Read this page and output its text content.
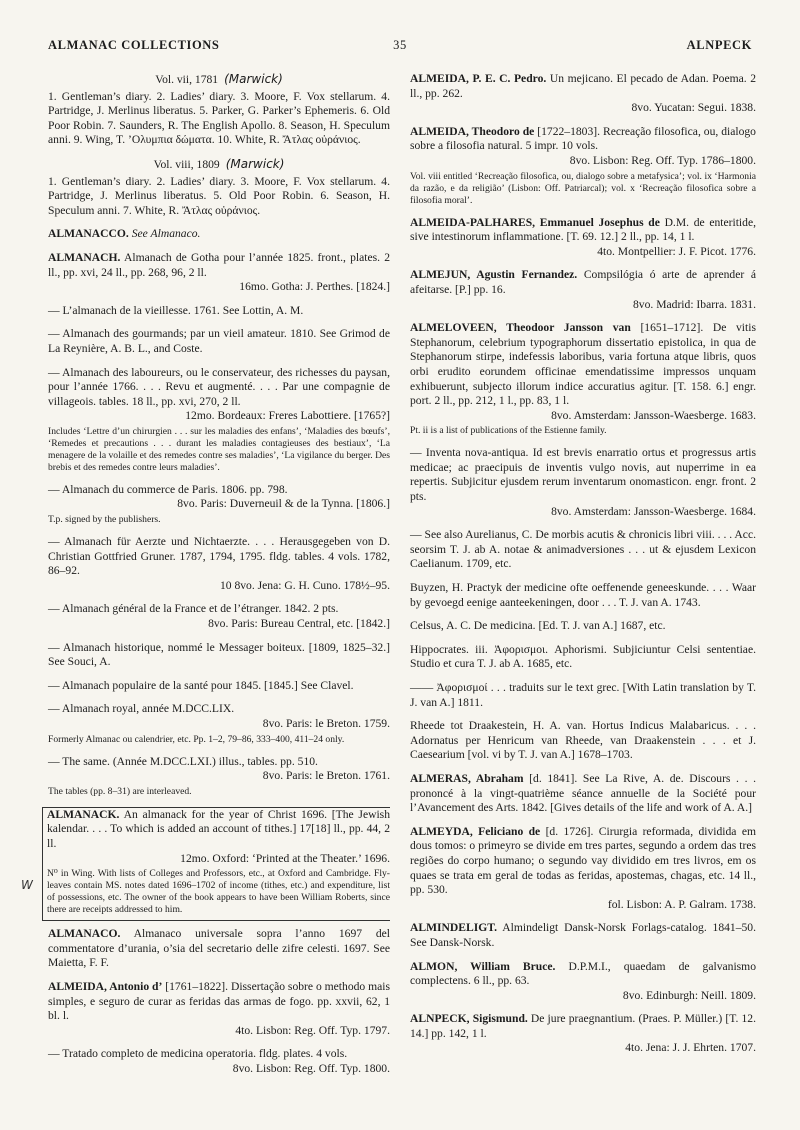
ALMANAC COLLECTIONS	35	ALNPECK
Vol. vii, 1781 (Marwick)
1. Gentleman’s diary. 2. Ladies’ diary. 3. Moore, F. Vox stellarum. 4. Partridge, J. Merlinus liberatus. 5. Parker, G. Parker’s Ephemeris. 6. Old Poor Robin. 7. Saunders, R. The English Apollo. 8. Season, H. Speculum anni. 9. Wing, T. ’Ολυμπια δώματα. 10. White, R. Ἄτλας οὐράνιος.
Vol. viii, 1809 (Marwick)
1. Gentleman’s diary. 2. Ladies’ diary. 3. Moore, F. Vox stellarum. 4. Partridge, J. Merlinus liberatus. 5. Old Poor Robin. 6. Season, H. Speculum anni. 7. White, R. Ἄτλας οὐράνιος.
ALMANACCO. See Almanaco.
ALMANACH. Almanach de Gotha pour l’année 1825. front., plates. 2 ll., pp. xvi, 24 ll., pp. 268, 96, 2 ll.
16mo. Gotha: J. Perthes. [1824.]
— L’almanach de la vieillesse. 1761. See Lottin, A. M.
— Almanach des gourmands; par un vieil amateur. 1810. See Grimod de La Reynière, A. B. L., and Coste.
— Almanach des laboureurs, ou le conservateur, des richesses du paysan, pour l’année 1766. . . . Revu et augmenté. . . . Par une compagnie de villageois. tables. 18 ll., pp. xvi, 270, 2 ll.
12mo. Bordeaux: Freres Labottiere. [1765?]
Includes ‘Lettre d’un chirurgien . . . sur les maladies des enfans’, ‘Maladies des bœufs’, ‘Remedes et precautions . . . durant les maladies contagieuses des bestiaux’, ‘La menagere de la volaille et des remedes contre ses maladies’, ‘La vigilance du berger. Des brebis et des remedes contre leurs maladies’.
— Almanach du commerce de Paris. 1806. pp. 798.
8vo. Paris: Duverneuil & de la Tynna. [1806.]
T.p. signed by the publishers.
— Almanach für Aerzte und Nichtaerzte. . . . Herausgegeben von D. Christian Gottfried Gruner. 1787, 1794, 1795. fldg. tables. 4 vols. 1782, 86–92.
10 8vo. Jena: G. H. Cuno. 178½–95.
— Almanach général de la France et de l’étranger. 1842. 2 pts.
8vo. Paris: Bureau Central, etc. [1842.]
— Almanach historique, nommé le Messager boiteux. [1809, 1825–32.] See Souci, A.
— Almanach populaire de la santé pour 1845. [1845.] See Clavel.
— Almanach royal, année M.DCC.LIX.
8vo. Paris: le Breton. 1759.
Formerly Almanac ou calendrier, etc. Pp. 1–2, 79–86, 333–400, 411–24 only.
— The same. (Année M.DCC.LXI.) illus., tables. pp. 510.
8vo. Paris: le Breton. 1761.
The tables (pp. 8–31) are interleaved.
W
ALMANACK. An almanack for the year of Christ 1696. [The Jewish kalendar. . . . To which is added an account of tithes.] 17[18] ll., pp. 44, 2 ll.
12mo. Oxford: ‘Printed at the Theater.’ 1696.
N⁰ in Wing. With lists of Colleges and Professors, etc., at Oxford and Cambridge. Fly-leaves contain MS. notes dated 1696–1702 of income (tithes, etc.) and expenditure, list of possessions, etc. The owner of the book appears to have been William Roberts, since there are receipts addressed to him.
ALMANACO. Almanaco universale sopra l’anno 1697 del commentatore d’urania, o’sia del secretario delle zifre celesti. 1697. See Maietta, F. F.
ALMEIDA, Antonio d’ [1761–1822]. Dissertação sobre o methodo mais simples, e seguro de curar as feridas das armas de fogo. pp. xxvii, 62, 1 bl. l.
4to. Lisbon: Reg. Off. Typ. 1797.
— Tratado completo de medicina operatoria. fldg. plates. 4 vols.
8vo. Lisbon: Reg. Off. Typ. 1800.
ALMEIDA, P. E. C. Pedro. Un mejicano. El pecado de Adan. Poema. 2 ll., pp. 262.
8vo. Yucatan: Segui. 1838.
ALMEIDA, Theodoro de [1722–1803]. Recreação filosofica, ou, dialogo sobre a filosofia natural. 5 impr. 10 vols.
8vo. Lisbon: Reg. Off. Typ. 1786–1800.
Vol. viii entitled ‘Recreação filosofica, ou, dialogo sobre a metafysica’; vol. ix ‘Harmonia da razão, e da religião’ (Lisbon: Off. Patriarcal); vol. x ‘Recreação filosofica sobre a filosofia moral’.
ALMEIDA-PALHARES, Emmanuel Josephus de D.M. de enteritide, sive intestinorum inflammatione. [T. 69. 12.] 2 ll., pp. 14, 1 l.
4to. Montpellier: J. F. Picot. 1776.
ALMEJUN, Agustin Fernandez. Compsilógia ó arte de aprender á afeitarse. [P.] pp. 16.
8vo. Madrid: Ibarra. 1831.
ALMELOVEEN, Theodoor Jansson van [1651–1712]. De vitis Stephanorum, celebrium typographorum dissertatio epistolica, in qua de Stephanorum stirpe, indefessis laboribus, varia fortuna atque libris, quos orbi erudito eorundem officinae emendatissime impressos unquam exhibuerunt, subjecto illorum indice accuratius agitur. [T. 158. 6.] engr. port. 2 ll., pp. 212, 1 l., pp. 83, 1 l.
8vo. Amsterdam: Jansson-Waesberge. 1683.
Pt. ii is a list of publications of the Estienne family.
— Inventa nova-antiqua. Id est brevis enarratio ortus et progressus artis medicae; ac praecipuis de inventis vulgo novis, aut nuperrime in ea repertis. Subjicitur ejusdem rerum inventarum onomasticon. engr. front. 2 pts.
8vo. Amsterdam: Jansson-Waesberge. 1684.
— See also Aurelianus, C. De morbis acutis & chronicis libri viii. . . . Acc. seorsim T. J. ab A. notae & animadversiones . . . ut & ejusdem Lexicon Caelianum. 1709, etc.
Buyzen, H. Practyk der medicine ofte oeffenende geneeskunde. . . . Waar by gevoegd eenige aanteekeningen, door . . . T. J. van A. 1743.
Celsus, A. C. De medicina. [Ed. T. J. van A.] 1687, etc.
Hippocrates. iii. Ἀφορισμοι. Aphorismi. Subjiciuntur Celsi sententiae. Studio et cura T. J. ab A. 1685, etc.
—— Ἀφορισμοί . . . traduits sur le text grec. [With Latin translation by T. J. van A.] 1811.
Rheede tot Draakestein, H. A. van. Hortus Indicus Malabaricus. . . . Adornatus per Henricum van Rheede, van Draakenstein . . . et J. Caesearium [vol. vi by T. J. van A.] 1678–1703.
ALMERAS, Abraham [d. 1841]. See La Rive, A. de. Discours . . . prononcé à la vingt-quatrième séance annuelle de la Société pour l’Avancement des Arts. 1842. [Gives details of the life and work of A. A.]
ALMEYDA, Feliciano de [d. 1726]. Cirurgia reformada, dividida em dous tomos: o primeyro se divide em tres partes, segundo a ordem das tres regiões do corpo humano; o segundo vay dividido em tres livros, em os quaes se trata em geral de todas as feridas, apostemas, chagas, etc. 14 ll., pp. 530.
fol. Lisbon: A. P. Galram. 1738.
ALMINDELIGT. Almindeligt Dansk-Norsk Forlags-catalog. 1841–50. See Dansk-Norsk.
ALMON, William Bruce. D.P.M.I., quaedam de galvanismo complectens. 6 ll., pp. 63.
8vo. Edinburgh: Neill. 1809.
ALNPECK, Sigismund. De jure praegnantium. (Praes. P. Müller.) [T. 12. 14.] pp. 142, 1 l.
4to. Jena: J. J. Ehrten. 1707.
